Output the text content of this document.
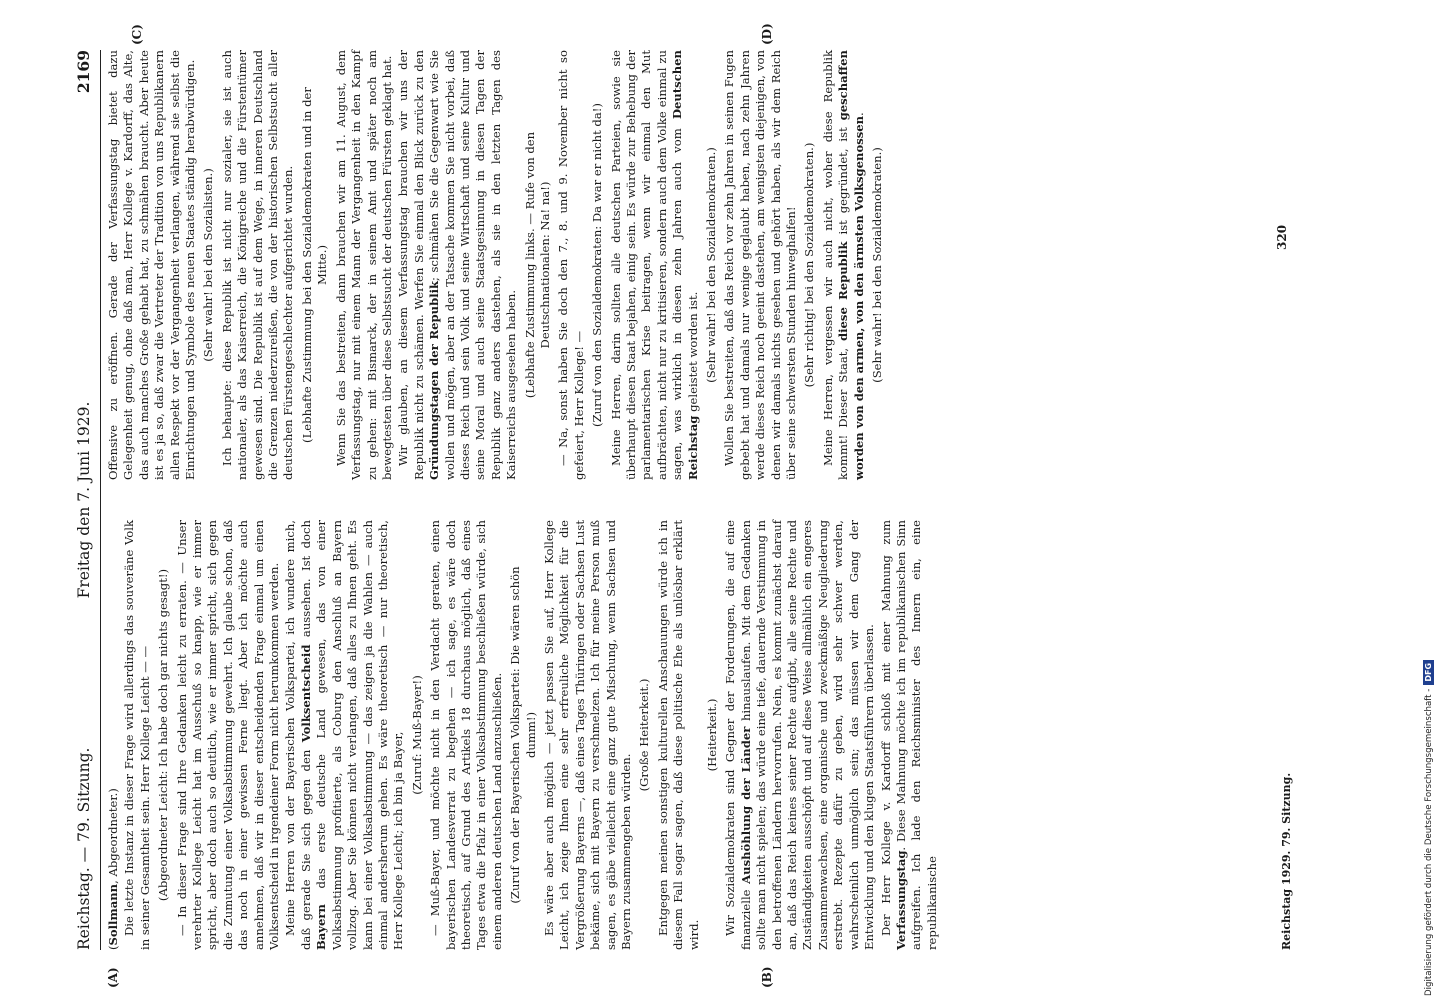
Reichstag. — 79. Sitzung.
Freitag den 7. Juni 1929.
2169

(Sollmann, Abgeordneter.) Die letzte Instanz in dieser Frage wird allerdings das souveräne Volk in seiner Gesamtheit sein. Herr Kollege Leicht — — (Abgeordneter Leicht: Ich habe doch gar nichts gesagt!) — In dieser Frage sind Ihre Gedanken leicht zu erraten. — Unser verehrter Kollege Leicht hat im Ausschuß so knapp, wie er immer spricht, aber doch auch so deutlich, wie er immer spricht, sich gegen die Zumutung einer Volksabstimmung gewehrt. Ich glaube schon, daß das noch in einer gewissen Ferne liegt. Aber ich möchte auch annehmen, daß wir in dieser entscheidenden Frage einmal um einen Volksentscheid in irgendeiner Form nicht herumkommen werden. Meine Herren von der Bayerischen Volkspartei, ich wundere mich, daß gerade Sie sich gegen den Volksentscheid aussehen. Ist doch Bayern das erste deutsche Land gewesen, das von einer Volksabstimmung profitierte, als Coburg den Anschluß an Bayern vollzog. Aber Sie können nicht verlangen, daß alles zu Ihnen geht. Es kann bei einer Volksabstimmung — das zeigen ja die Wahlen — auch einmal andersherum gehen. Es wäre theoretisch — nur theoretisch, Herr Kollege Leicht; ich bin ja Bayer, (Zuruf: Muß-Bayer!) — Muß-Bayer, und möchte nicht in den Verdacht geraten, einen bayerischen Landesverrat zu begehen — ich sage, es wäre doch theoretisch, auf Grund des Artikels 18 durchaus möglich, daß eines Tages etwa die Pfalz in einer Volksabstimmung beschließen würde, sich einem anderen deutschen Land anzuschließen. (Zuruf von der Bayerischen Volkspartei: Die wären schön dumm!) Es wäre aber auch möglich — jetzt passen Sie auf, Herr Kollege Leicht, ich zeige Ihnen eine sehr erfreuliche Möglichkeit für die Vergrößerung Bayerns —, daß eines Tages Thüringen oder Sachsen Lust bekäme, sich mit Bayern zu verschmelzen. Ich für meine Person muß sagen, es gäbe vielleicht eine ganz gute Mischung, wenn Sachsen und Bayern zusammengeben würden.

(Große Heiterkeit.) Entgegen meinen sonstigen kulturellen Anschauungen würde ich in diesem Fall sogar sagen, daß diese politische Ehe als unlösbar erklärt wird.

(Heiterkeit.) Wir Sozialdemokraten sind Gegner der Forderungen, die auf eine finanzielle Aushöhlung der Länder hinauslaufen. Mit dem Gedanken sollte man nicht spielen; das würde eine tiefe, dauernde Verstimmung in den betroffenen Ländern hervorrufen. Nein, es kommt zunächst darauf an, daß das Reich keines seiner Rechte aufgibt, alle seine Rechte und Zuständigkeiten ausschöpft und auf diese Weise allmählich ein engeres Zusammenwachsen, eine organische und zweckmäßige Neugliederung erstrebt. Rezepte dafür zu geben, wird sehr schwer werden, wahrscheinlich unmöglich sein; das müssen wir dem Gang der Entwicklung und den klugen Staatsführern überlassen. Der Herr Kollege v. Kardorff schloß mit einer Mahnung zum Verfassungstag. Diese Mahnung möchte ich im republikanischen Sinn aufgreifen. Ich lade den Reichsminister des Innern ein, eine republikanische

Offensive zu eröffnen. Gerade der Verfassungstag bietet dazu Gelegenheit genug, ohne daß man, Herr Kollege v. Kardorff, das Alte, das auch manches Große gehabt hat, zu schmähen braucht. Aber heute ist es ja so, daß zwar die Vertreter der Tradition von uns Republikanern allen Respekt vor der Vergangenheit verlangen, während sie selbst die Einrichtungen und Symbole des neuen Staates ständig herabwürdigen. (Sehr wahr! bei den Sozialisten.) Ich behaupte: diese Republik ist nicht nur sozialer, sie ist auch nationaler, als das Kaiserreich, die Königreiche und die Fürstentümer gewesen sind. Die Republik ist auf dem Wege, in inneren Deutschland die Grenzen niederzureißen, die von der historischen Selbstsucht aller deutschen Fürstengeschlechter aufgerichtet wurden. (Lebhafte Zustimmung bei den Sozialdemokraten und in der Mitte.) Wenn Sie das bestreiten, dann brauchen wir am 11. August, dem Verfassungstag, nur mit einem Mann der Vergangenheit in den Kampf zu gehen: mit Bismarck, der in seinem Amt und später noch am bewegtesten über diese Selbstsucht der deutschen Fürsten geklagt hat. Wir glauben, an diesem Verfassungstag brauchen wir uns der Republik nicht zu schämen. Werfen Sie einmal den Blick zurück zu den Gründungstagen der Republik; schmähen Sie die Gegenwart wie Sie wollen und mögen, aber an der Tatsache kommen Sie nicht vorbei, daß dieses Reich und sein Volk und seine Wirtschaft und seine Kultur und seine Moral und auch seine Staatsgesinnung in diesen Tagen der Republik ganz anders dastehen, als sie in den letzten Tagen des Kaiserreichs ausgesehen haben. (Lebhafte Zustimmung links. — Rufe von den Deutschnationalen: Na! na!) — Na, sonst haben Sie doch den 7., 8. und 9. November nicht so gefeiert, Herr Kollege! — (Zuruf von den Sozialdemokraten: Da war er nicht da!) Meine Herren, darin sollten alle deutschen Parteien, sowie sie überhaupt diesen Staat bejahen, einig sein. Es würde zur Behebung der parlamentarischen Krise beitragen, wenn wir einmal den Mut aufbrächten, nicht nur zu kritisieren, sondern auch dem Volke einmal zu sagen, was wirklich in diesen zehn Jahren auch vom Deutschen Reichstag geleistet worden ist. (Sehr wahr! bei den Sozialdemokraten.) Wollen Sie bestreiten, daß das Reich vor zehn Jahren in seinen Fugen gebebt hat und damals nur wenige geglaubt haben, nach zehn Jahren werde dieses Reich noch geeint dastehen, am wenigsten diejenigen, von denen wir damals nichts gesehen und gehört haben, als wir dem Reich über seine schwersten Stunden hinweghalfen! (Sehr richtig! bei den Sozialdemokraten.) Meine Herren, vergessen wir auch nicht, woher diese Republik kommt! Dieser Staat, diese Republik ist gegründet, ist geschaffen worden von den armen, von den ärmsten Volksgenossen.

(Sehr wahr! bei den Sozialdemokraten.)

(A)	(B)
(C)	(D)
Reichstag 1929. 79. Sitzung.
320
Digitalisierung gefördert durch die Deutsche Forschungsgemeinschaft -DFG
